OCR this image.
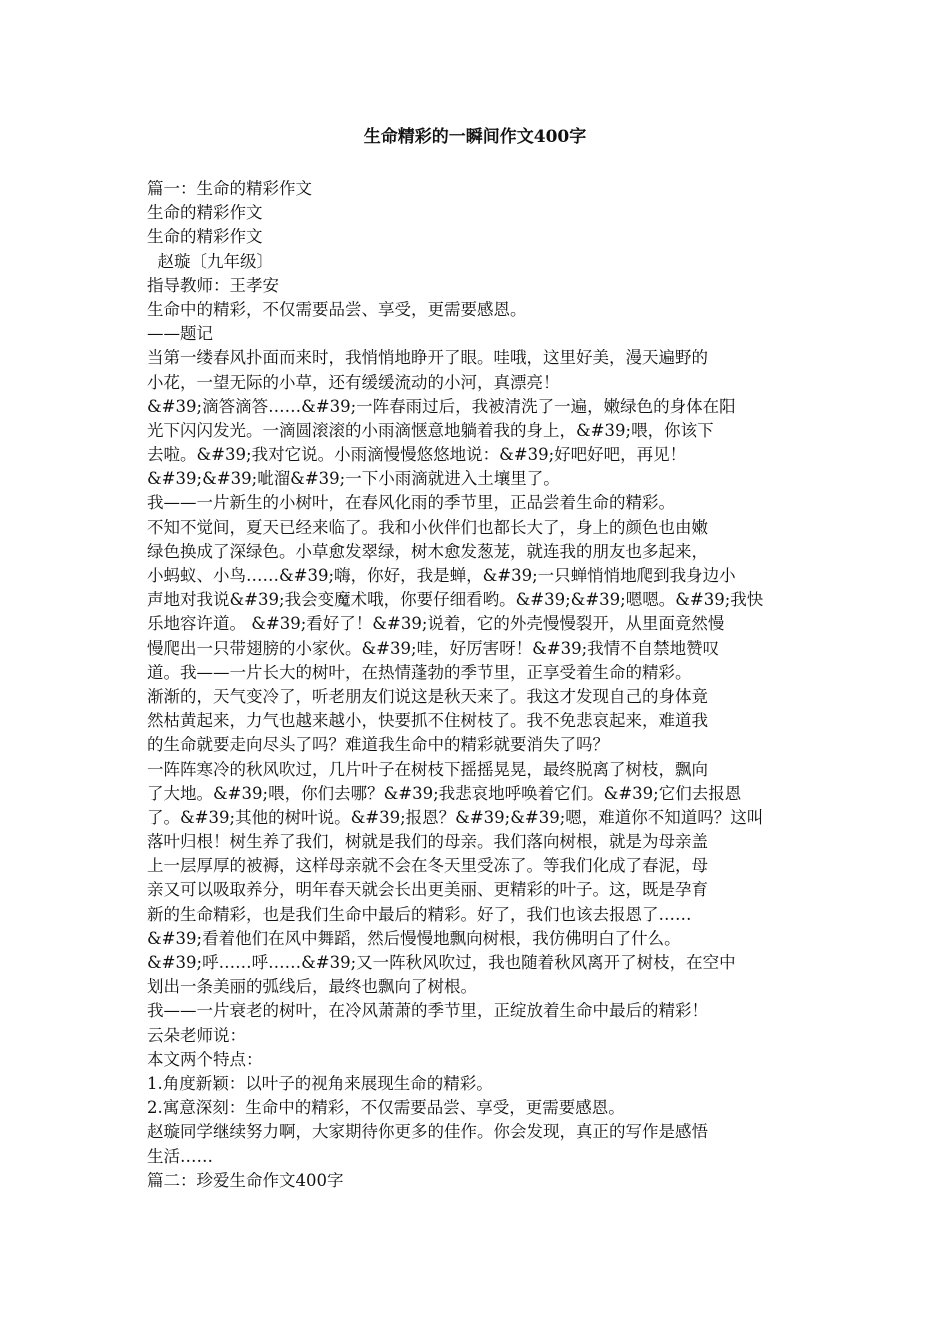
生命精彩的一瞬间作文400字
篇一：生命的精彩作文
生命的精彩作文
生命的精彩作文
赵璇〔九年级〕
指导教师：王孝安
生命中的精彩，不仅需要品尝、享受，更需要感恩。
——题记
当第一缕春风扑面而来时，我悄悄地睁开了眼。哇哦，这里好美，漫天遍野的
小花，一望无际的小草，还有缓缓流动的小河，真漂亮！
&#39;滴答滴答……&#39;一阵春雨过后，我被清洗了一遍，嫩绿色的身体在阳
光下闪闪发光。一滴圆滚滚的小雨滴惬意地躺着我的身上，&#39;喂，你该下
去啦。&#39;我对它说。小雨滴慢慢悠悠地说：&#39;好吧好吧，再见！
&#39;&#39;呲溜&#39;一下小雨滴就进入土壤里了。
我——一片新生的小树叶，在春风化雨的季节里，正品尝着生命的精彩。
不知不觉间，夏天已经来临了。我和小伙伴们也都长大了，身上的颜色也由嫩
绿色换成了深绿色。小草愈发翠绿，树木愈发葱茏，就连我的朋友也多起来，
小蚂蚁、小鸟……&#39;嗨，你好，我是蝉，&#39;一只蝉悄悄地爬到我身边小
声地对我说&#39;我会变魔术哦，你要仔细看哟。&#39;&#39;嗯嗯。&#39;我快
乐地容许道。 &#39;看好了！&#39;说着，它的外壳慢慢裂开，从里面竟然慢
慢爬出一只带翅膀的小家伙。&#39;哇，好厉害呀！&#39;我情不自禁地赞叹
道。我——一片长大的树叶，在热情蓬勃的季节里，正享受着生命的精彩。
渐渐的，天气变冷了，听老朋友们说这是秋天来了。我这才发现自己的身体竟
然枯黄起来，力气也越来越小，快要抓不住树枝了。我不免悲哀起来，难道我
的生命就要走向尽头了吗？难道我生命中的精彩就要消失了吗？
一阵阵寒冷的秋风吹过，几片叶子在树枝下摇摇晃晃，最终脱离了树枝，飘向
了大地。&#39;喂，你们去哪？&#39;我悲哀地呼唤着它们。&#39;它们去报恩
了。&#39;其他的树叶说。&#39;报恩？&#39;&#39;嗯，难道你不知道吗？这叫
落叶归根！树生养了我们，树就是我们的母亲。我们落向树根，就是为母亲盖
上一层厚厚的被褥，这样母亲就不会在冬天里受冻了。等我们化成了春泥，母
亲又可以吸取养分，明年春天就会长出更美丽、更精彩的叶子。这，既是孕育
新的生命精彩，也是我们生命中最后的精彩。好了，我们也该去报恩了……
&#39;看着他们在风中舞蹈，然后慢慢地飘向树根，我仿佛明白了什么。
&#39;呼……呼……&#39;又一阵秋风吹过，我也随着秋风离开了树枝，在空中
划出一条美丽的弧线后，最终也飘向了树根。
我——一片衰老的树叶，在冷风萧萧的季节里，正绽放着生命中最后的精彩！
云朵老师说：
本文两个特点：
1.角度新颖：以叶子的视角来展现生命的精彩。
2.寓意深刻：生命中的精彩，不仅需要品尝、享受，更需要感恩。
赵璇同学继续努力啊，大家期待你更多的佳作。你会发现，真正的写作是感悟
生活……
篇二：珍爱生命作文400字
